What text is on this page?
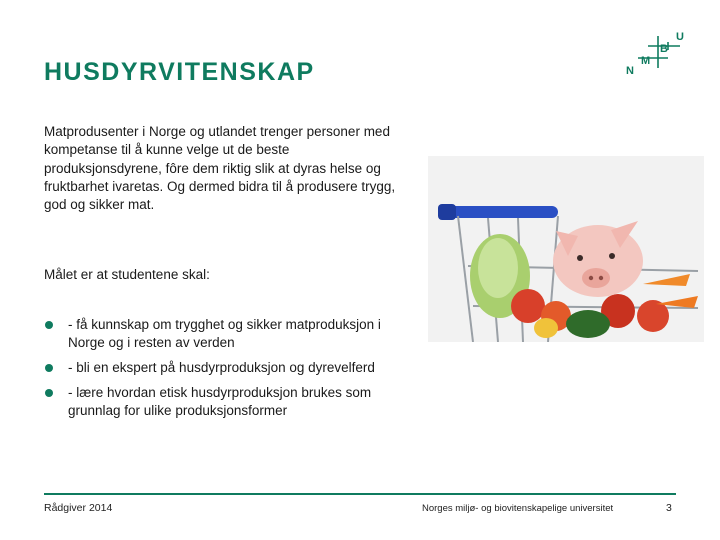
HUSDYRVITENSKAP	N
M
B
U

Matprodusenter i Norge og utlandet trenger personer med kompetanse til å kunne velge ut de beste produksjonsdyrene, fôre dem riktig slik at dyras helse og fruktbarhet ivaretas. Og dermed bidra til å produsere trygg, god og sikker mat.

Målet er at studentene skal:

- få kunnskap om trygghet og sikker matproduksjon i Norge og i resten av verden
- bli en ekspert på husdyrproduksjon og dyrevelferd
- lære hvordan etisk husdyrproduksjon brukes som grunnlag for ulike produksjonsformer
Rådgiver 2014	Norges miljø- og biovitenskapelige universitet	3
